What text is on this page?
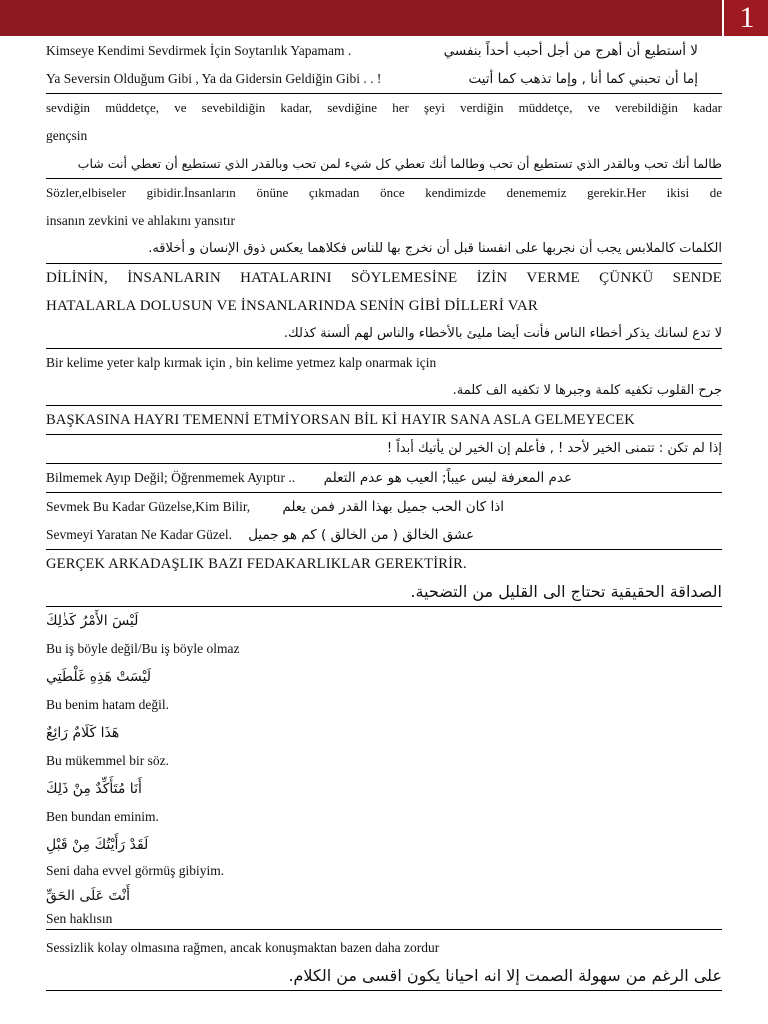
1
Kimseye Kendimi Sevdirmek İçin Soytarılık Yapamam .	لا أستطيع أن أهرج من أجل أحبب أحداً بنفسي
Ya Seversin Olduğum Gibi , Ya da Gidersin Geldiğin Gibi . . !	إما أن تحبني كما أنا , وإما تذهب كما أتيت
sevdiğin müddetçe, ve sevebildiğin kadar, sevdiğine her şeyi verdiğin müddetçe, ve verebildiğin kadar
gençsin
طالما أنك تحب وبالقدر الذي تستطيع أن تحب وطالما أنك تعطي كل شيء لمن تحب وبالقدر الذي تستطيع أن تعطي أنت شاب
Sözler,elbiseler gibidir.İnsanların önüne çıkmadan önce kendimizde denememiz gerekir.Her ikisi de
insanın zevkini ve ahlakını yansıtır
الكلمات كالملابس يجب أن نجربها على انفسنا قبل أن نخرج بها للناس فكلاهما يعكس ذوق الإنسان و أخلاقه.
DİLİNİN, İNSANLARIN HATALARINI SÖYLEMESİNE İZİN VERME ÇÜNKÜ SENDE
HATALARLA DOLUSUN VE İNSANLARINDA SENİN GİBİ DİLLERİ VAR
لا تدع لسانك يذكر أخطاء الناس فأنت أيضا مليئ بالأخطاء والناس لهم ألسنة كذلك.
Bir kelime yeter kalp kırmak için , bin kelime yetmez kalp onarmak için
جرح القلوب تكفيه كلمة وجبرها لا تكفيه الف كلمة.
BAŞKASINA HAYRI TEMENNİ ETMİYORSAN BİL Kİ HAYIR SANA ASLA GELMEYECEK
إذا لم تكن : تتمنى الخير لأحد ! , فأعلم إن الخير لن يأتيك أبداً !
Bilmemek Ayıp Değil; Öğrenmemek Ayıptır .. عدم المعرفة ليس عيباً; العيب هو عدم التعلم
Sevmek Bu Kadar Güzelse,Kim Bilir, اذا كان الحب جميل بهذا القدر فمن يعلم
Sevmeyi Yaratan Ne Kadar Güzel. عشق الخالق ( من الخالق ) كم هو جميل
GERÇEK ARKADAŞLIK BAZI FEDAKARLIKLAR GEREKTİRİR.
الصداقة الحقيقية تحتاج الى القليل من التضحية.
لَيْسَ الأَمْرُ كَذٰلِكَ
Bu iş böyle değil/Bu iş böyle olmaz
لَيْسَتْ هَذِهِ غَلْطَتِي
Bu benim hatam değil.
هَذَا كَلَامٌ رَائِعٌ
Bu mükemmel bir söz.
أَنَا مُتَأَكِّدٌ مِنْ ذَلِكَ
Ben bundan eminim.
لَقَدْ رَأَيْتُكَ مِنْ قَبْلِ
Seni daha evvel görmüş gibiyim.
أَنْتَ عَلَى الحَقِّ
Sen haklısın
Sessizlik kolay olmasına rağmen, ancak konuşmaktan bazen daha zordur
على الرغم من سهولة الصمت إلا انه احيانا يكون اقسى من الكلام.
